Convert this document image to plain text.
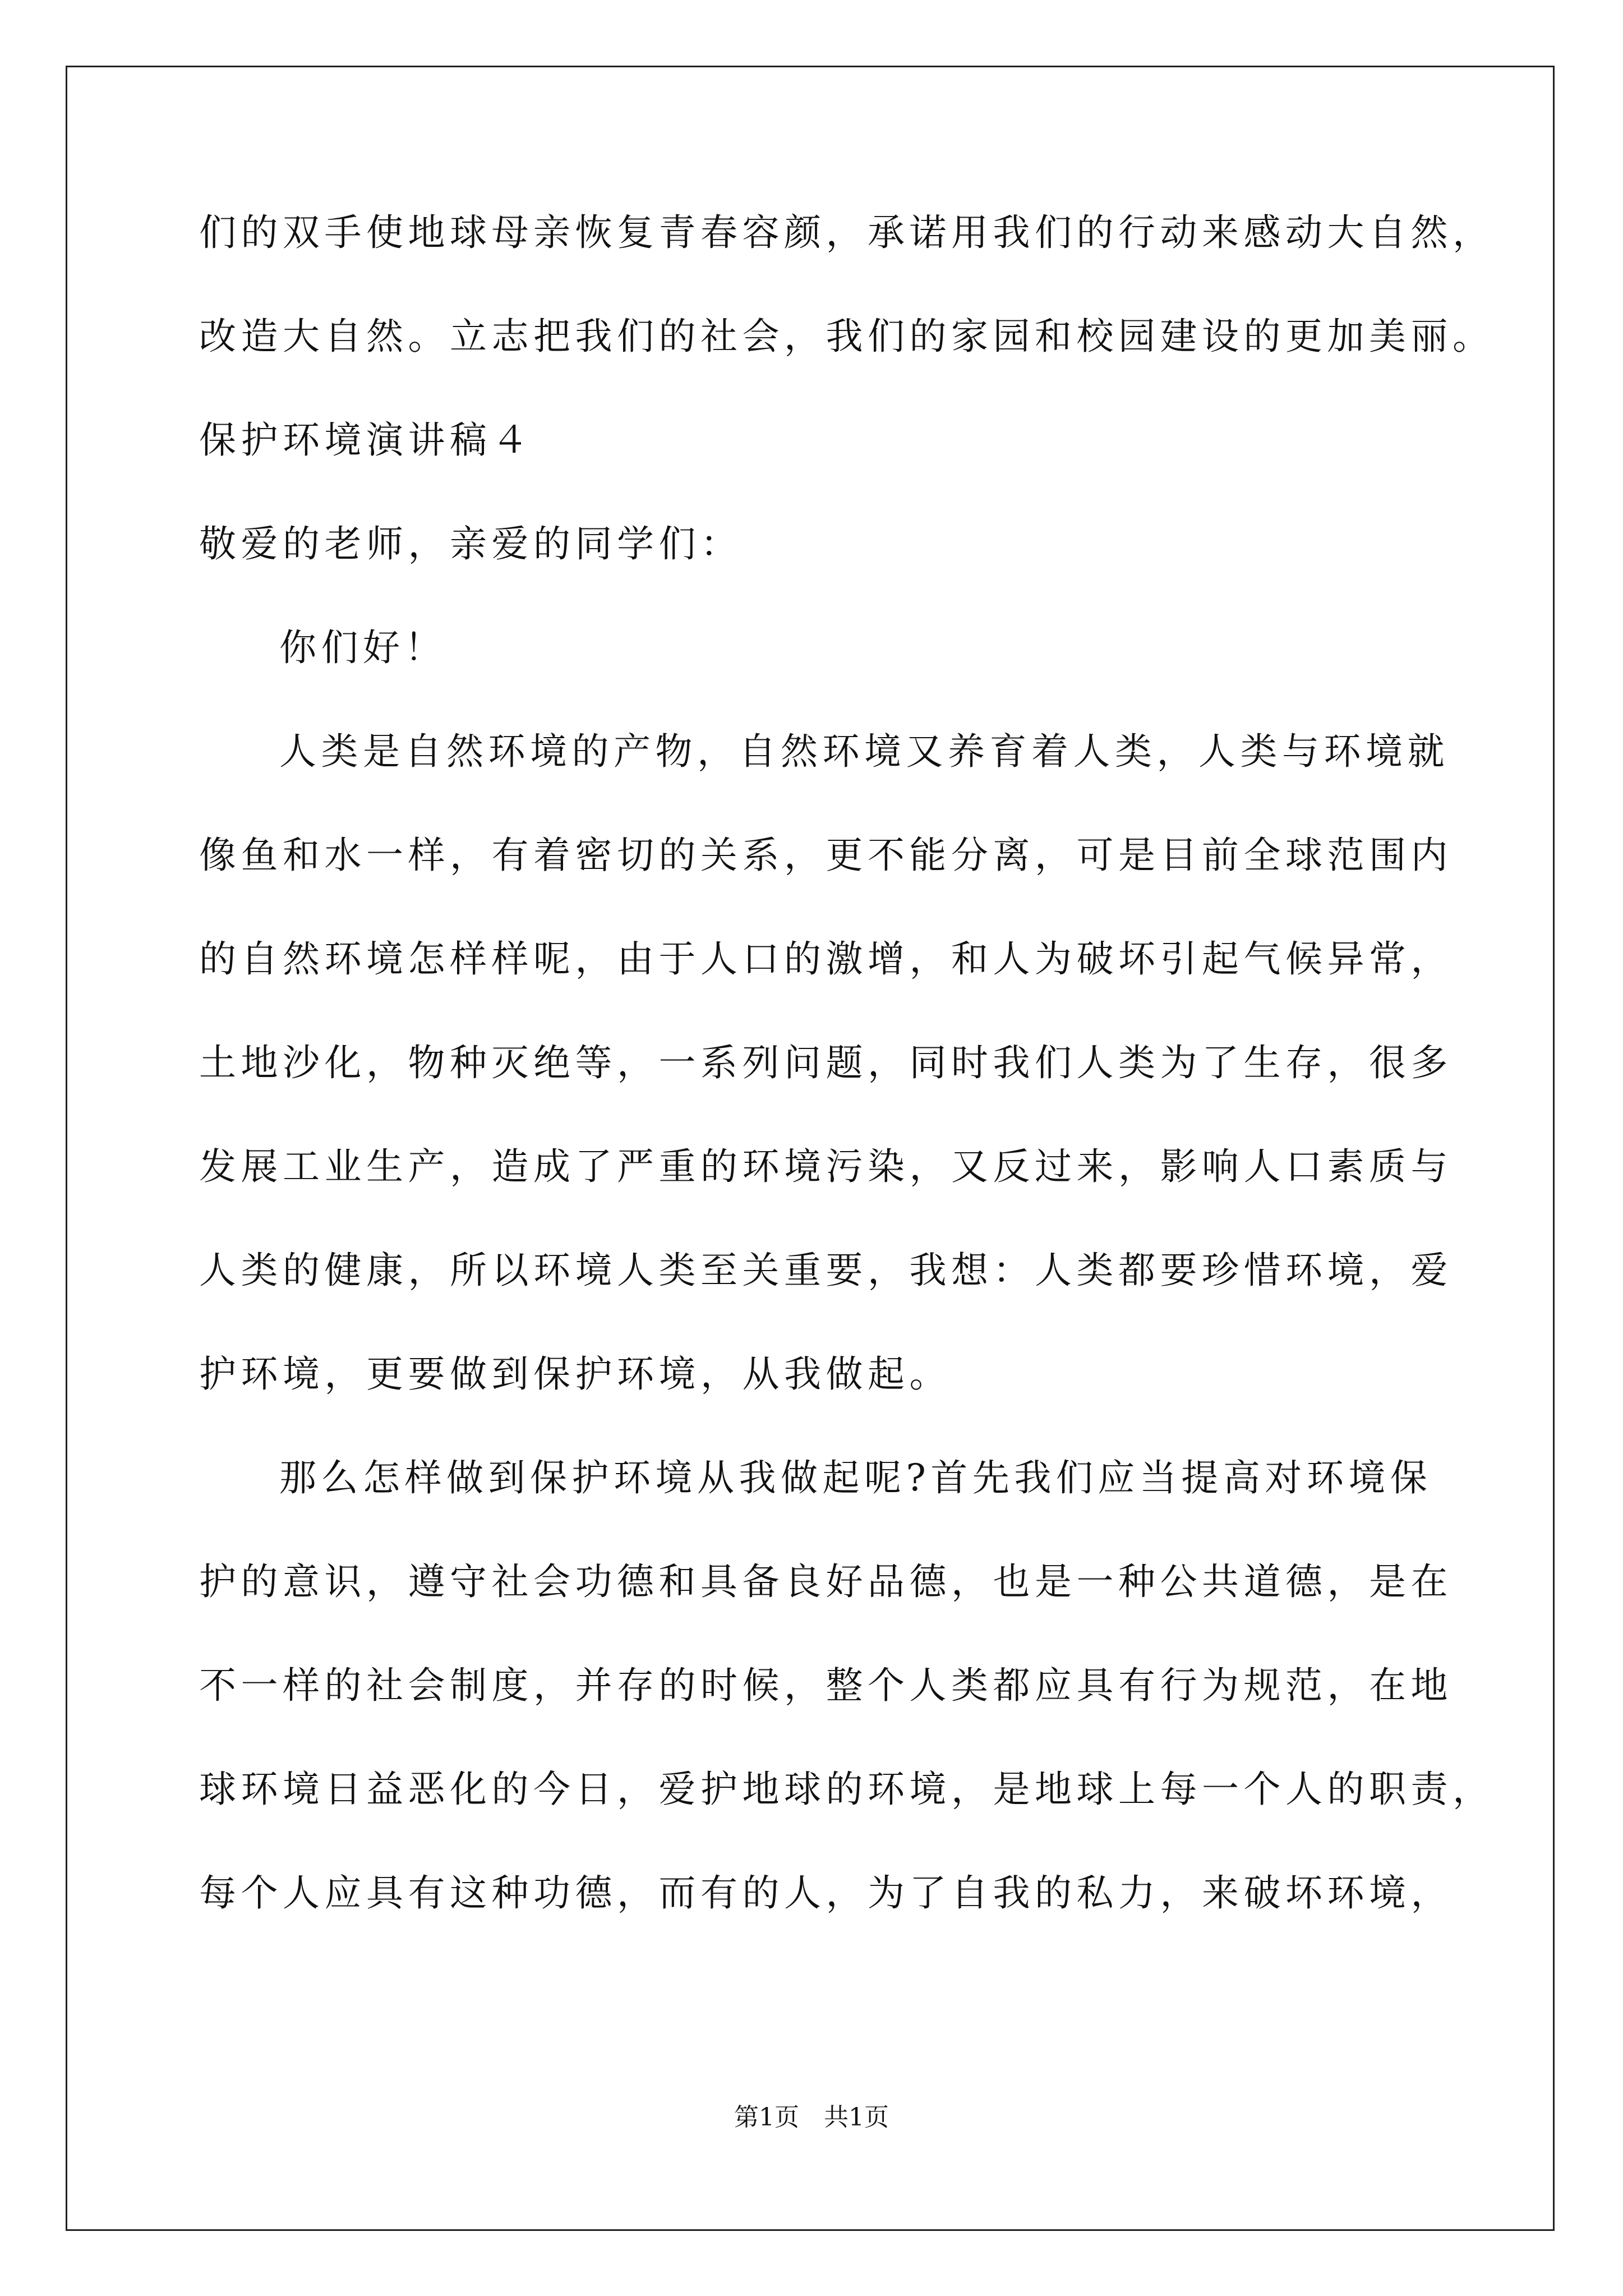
们的双手使地球母亲恢复青春容颜，承诺用我们的行动来感动大自然，
改造大自然。立志把我们的社会，我们的家园和校园建设的更加美丽。
保护环境演讲稿４
敬爱的老师，亲爱的同学们：
你们好！
人类是自然环境的产物，自然环境又养育着人类，人类与环境就
像鱼和水一样，有着密切的关系，更不能分离，可是目前全球范围内
的自然环境怎样样呢，由于人口的激增，和人为破坏引起气候异常，
土地沙化，物种灭绝等，一系列问题，同时我们人类为了生存，很多
发展工业生产，造成了严重的环境污染，又反过来，影响人口素质与
人类的健康，所以环境人类至关重要，我想：人类都要珍惜环境，爱
护环境，更要做到保护环境，从我做起。
那么怎样做到保护环境从我做起呢?首先我们应当提高对环境保
护的意识，遵守社会功德和具备良好品德，也是一种公共道德，是在
不一样的社会制度，并存的时候，整个人类都应具有行为规范，在地
球环境日益恶化的今日，爱护地球的环境，是地球上每一个人的职责，
每个人应具有这种功德，而有的人，为了自我的私力，来破坏环境，
第1页　共1页
